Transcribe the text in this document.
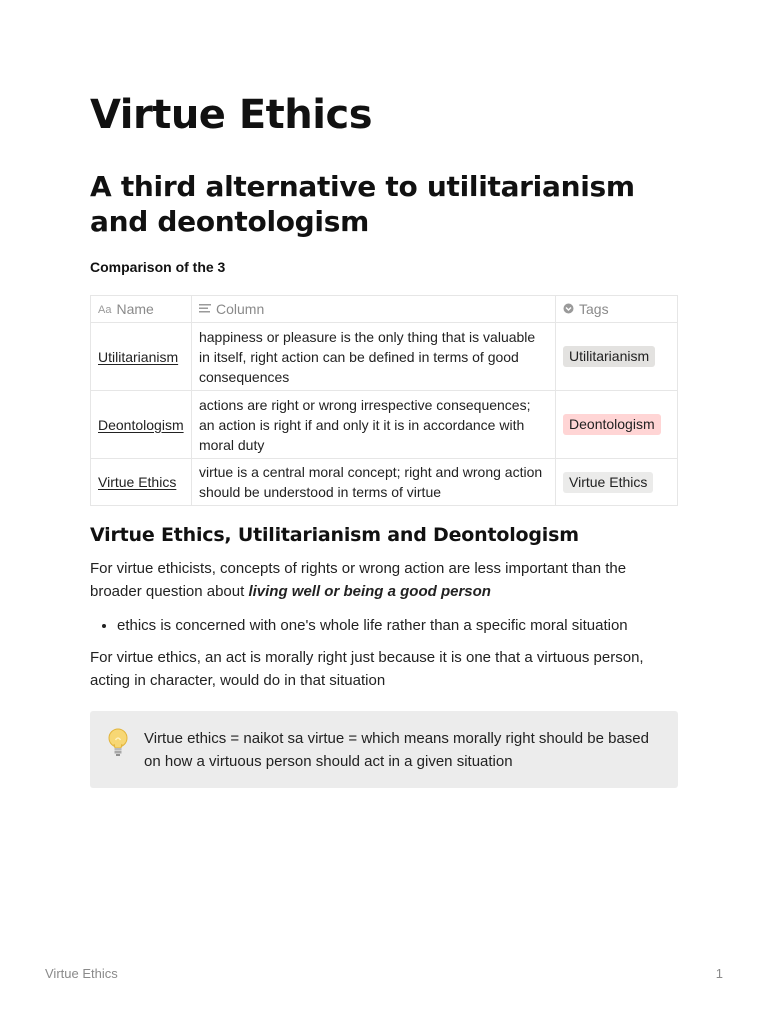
Virtue Ethics
A third alternative to utilitarianism and deontologism

Comparison of the 3

Aa Name	Column	Tags
Utilitarianism	happiness or pleasure is the only thing that is valuable in itself, right action can be defined in terms of good consequences	Utilitarianism
Deontologism	actions are right or wrong irrespective consequences; an action is right if and only it it is in accordance with moral duty	Deontologism
Virtue Ethics	virtue is a central moral concept; right and wrong action should be understood in terms of virtue	Virtue Ethics
Virtue Ethics, Utilitarianism and Deontologism

For virtue ethicists, concepts of rights or wrong action are less important than the broader question about living well or being a good person

• ethics is concerned with one's whole life rather than a specific moral situation

For virtue ethics, an act is morally right just because it is one that a virtuous person, acting in character, would do in that situation

Virtue ethics = naikot sa virtue = which means morally right should be based on how a virtuous person should act in a given situation
Virtue Ethics	1
